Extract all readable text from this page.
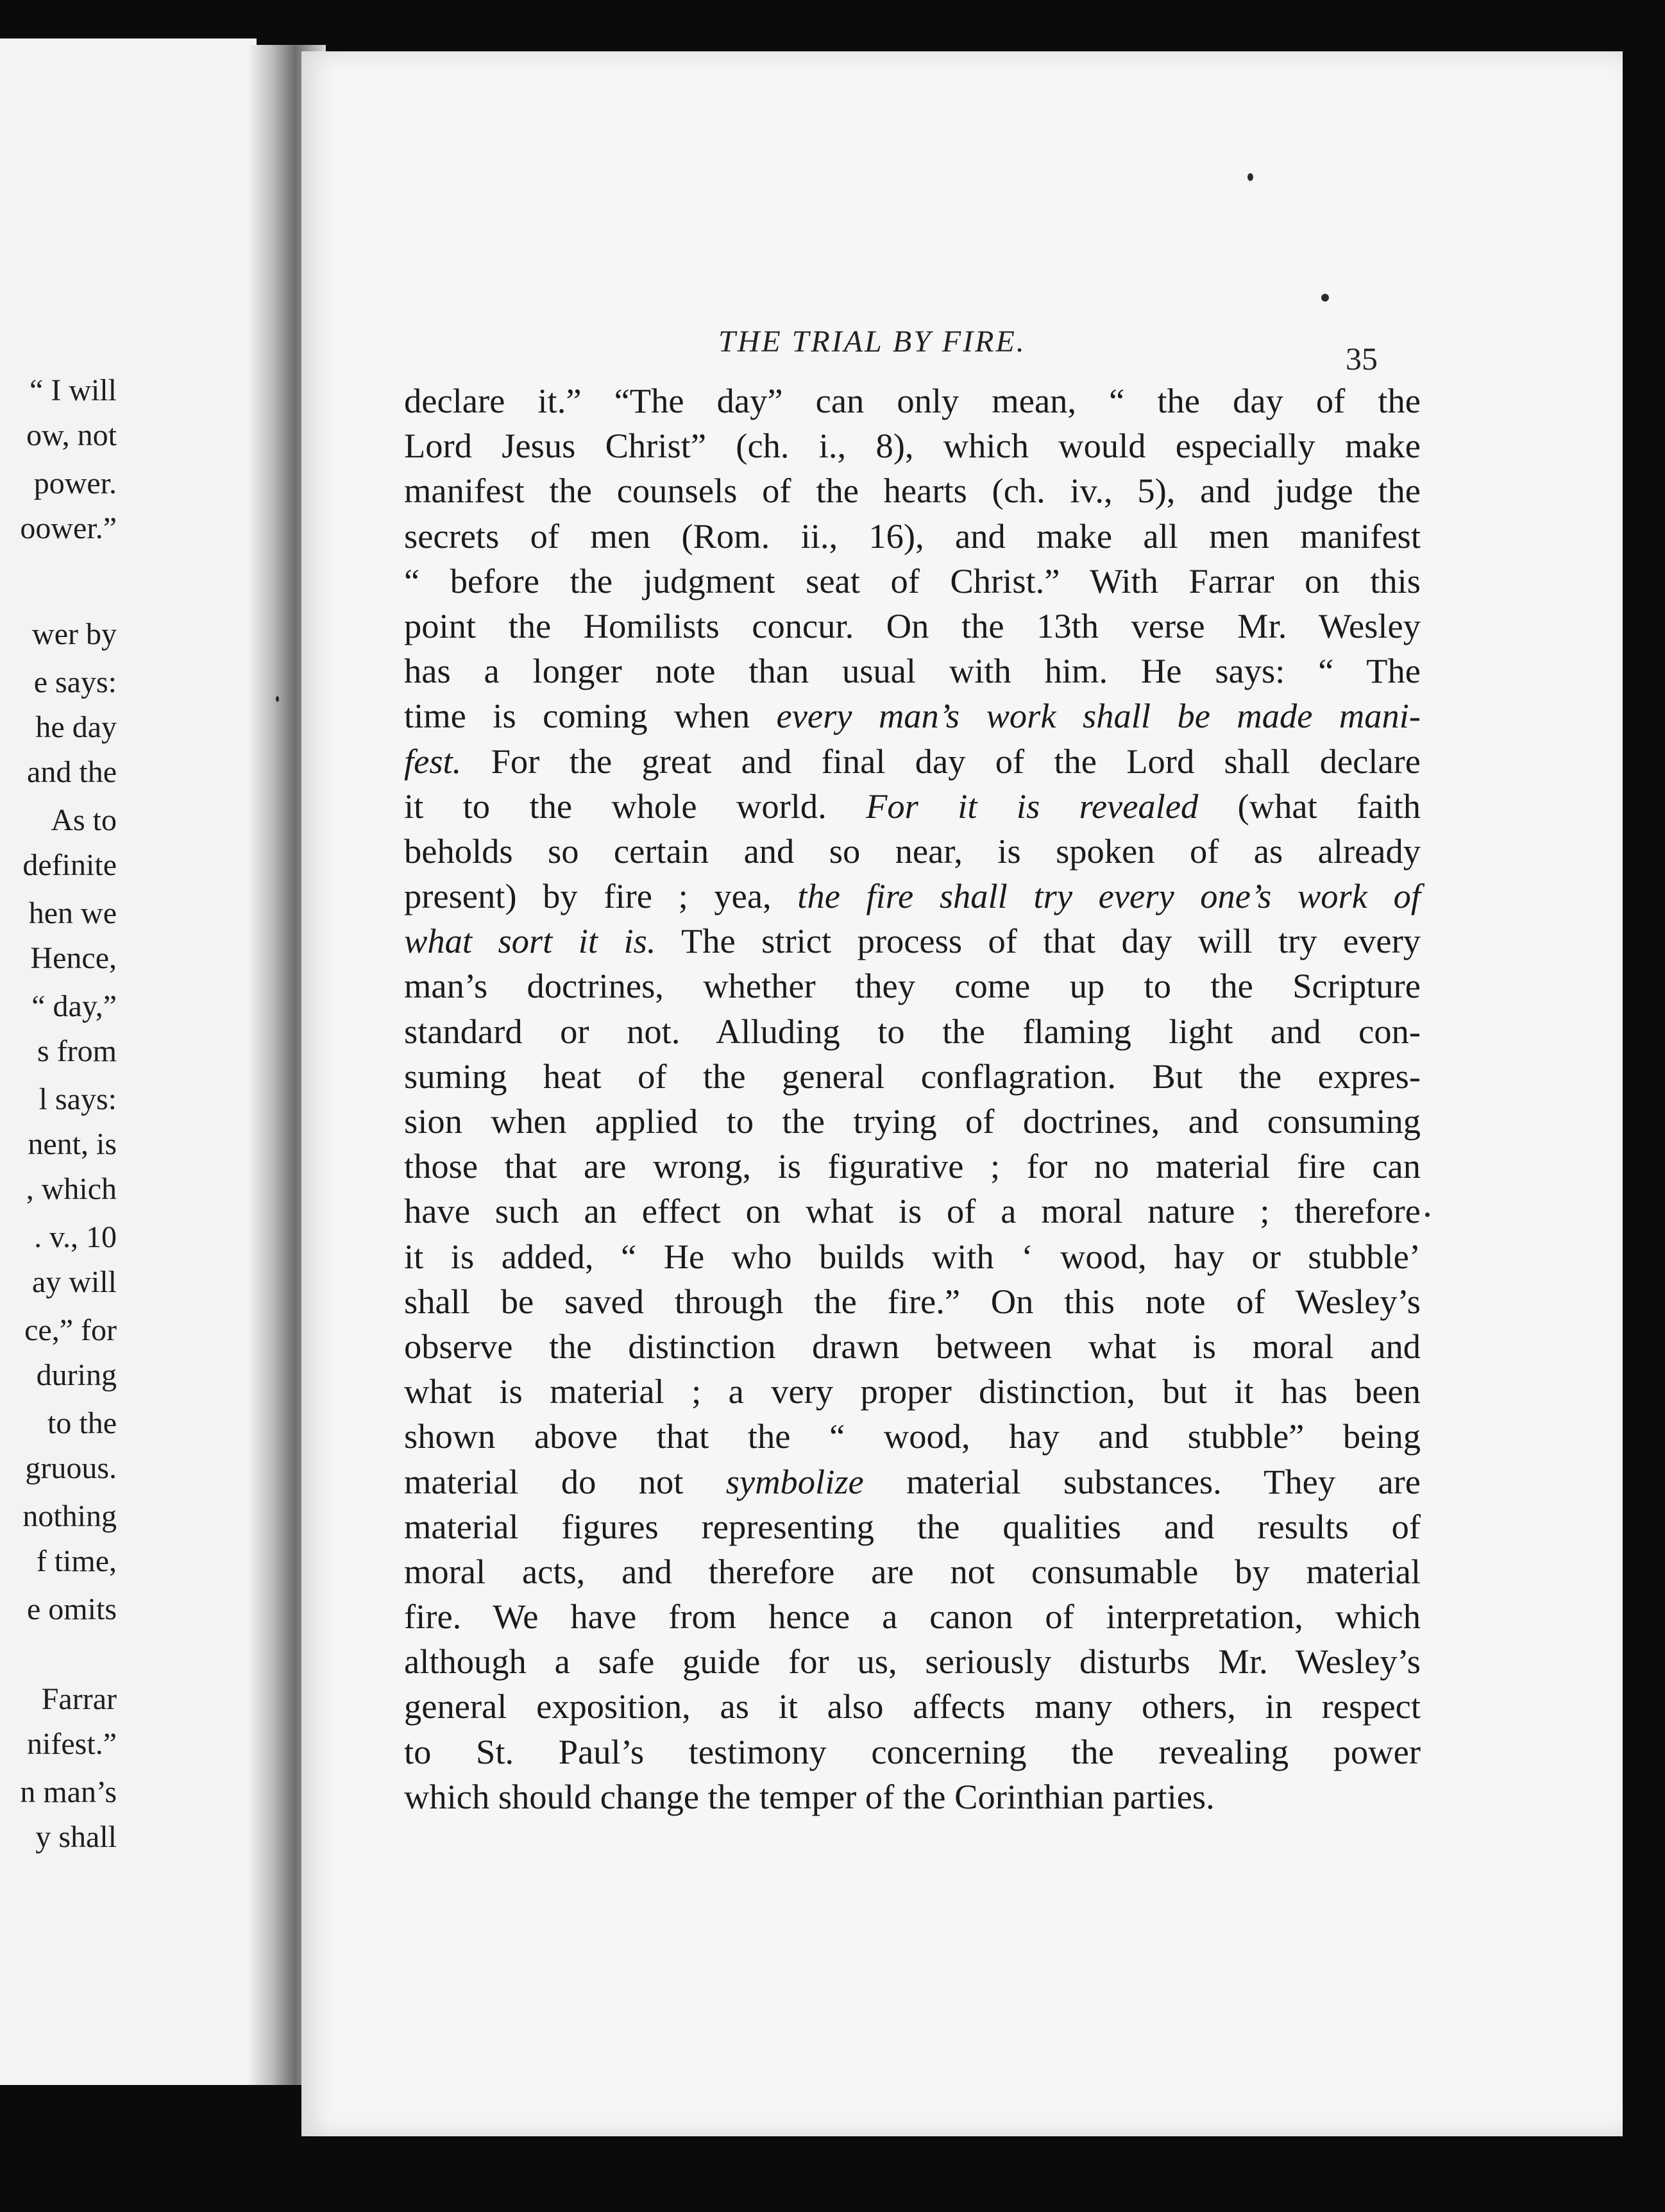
THE TRIAL BY FIRE.	35
declare it.” “The day” can only mean, “ the day of the
Lord Jesus Christ” (ch. i., 8), which would especially make
manifest the counsels of the hearts (ch. iv., 5), and judge the
secrets of men (Rom. ii., 16), and make all men manifest
“ before the judgment seat of Christ.” With Farrar on this
point the Homilists concur. On the 13th verse Mr. Wesley
has a longer note than usual with him. He says: “ The
time is coming when every man’s work shall be made mani-
fest. For the great and final day of the Lord shall declare
it to the whole world. For it is revealed (what faith
beholds so certain and so near, is spoken of as already
present) by fire ; yea, the fire shall try every one’s work of
what sort it is. The strict process of that day will try every
man’s doctrines, whether they come up to the Scripture
standard or not. Alluding to the flaming light and con-
suming heat of the general conflagration. But the expres-
sion when applied to the trying of doctrines, and consuming
those that are wrong, is figurative ; for no material fire can
have such an effect on what is of a moral nature ; therefore
it is added, “ He who builds with ‘ wood, hay or stubble’
shall be saved through the fire.” On this note of Wesley’s
observe the distinction drawn between what is moral and
what is material ; a very proper distinction, but it has been
shown above that the “ wood, hay and stubble” being
material do not symbolize material substances. They are
material figures representing the qualities and results of
moral acts, and therefore are not consumable by material
fire. We have from hence a canon of interpretation, which
although a safe guide for us, seriously disturbs Mr. Wesley’s
general exposition, as it also affects many others, in respect
to St. Paul’s testimony concerning the revealing power
which should change the temper of the Corinthian parties.
“ I will
ow, not
power.
oower.”
wer by
e says:
he day
and the
As to
definite
hen we
Hence,
“ day,”
s from
l says:
nent, is
, which
. v., 10
ay will
ce,” for
during
to the
gruous.
nothing
f time,
e omits
Farrar
nifest.”
n man’s
y shall
